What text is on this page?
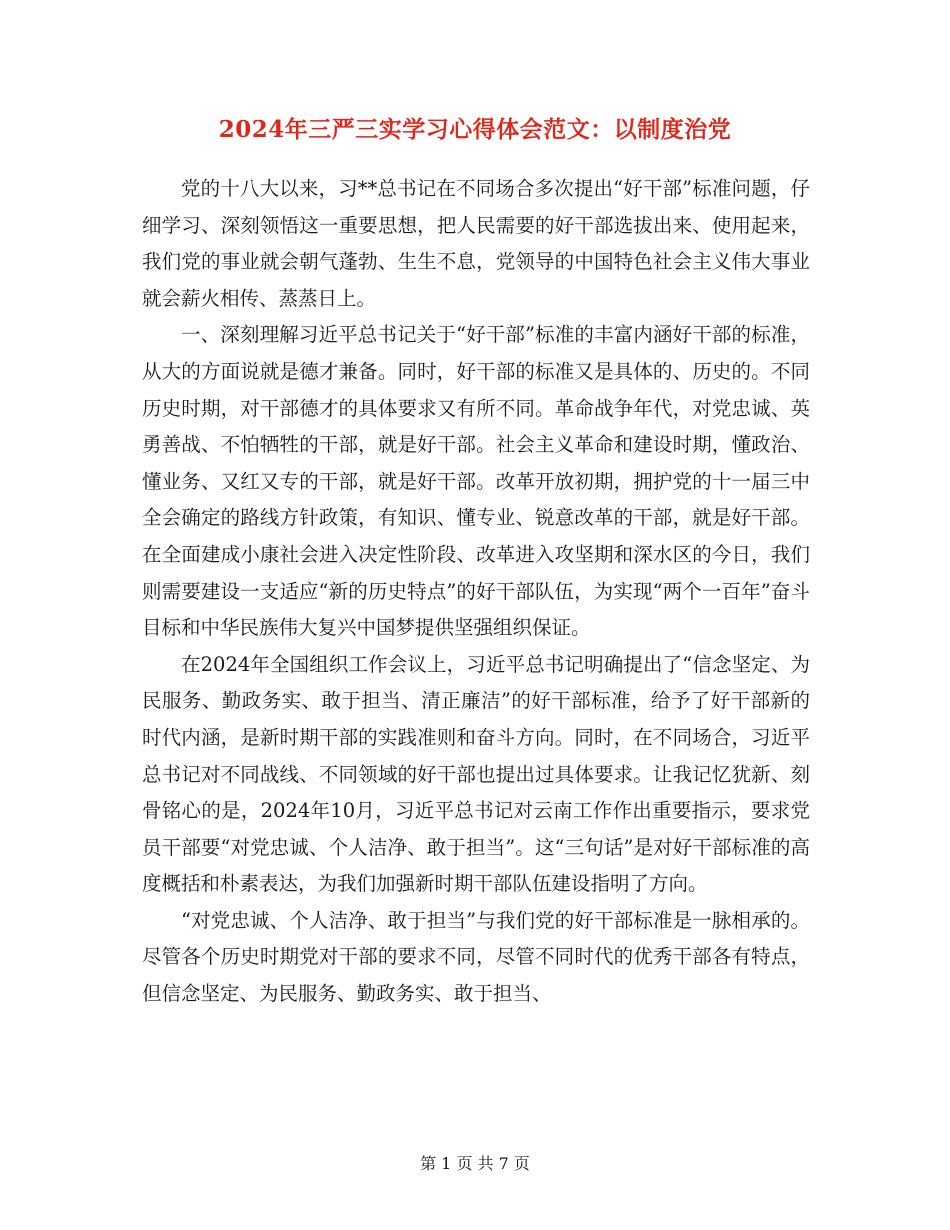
2024年三严三实学习心得体会范文：以制度治党

党的十八大以来，习**总书记在不同场合多次提出“好干部”标准问题，仔细学习、深刻领悟这一重要思想，把人民需要的好干部选拔出来、使用起来，我们党的事业就会朝气蓬勃、生生不息，党领导的中国特色社会主义伟大事业就会薪火相传、蒸蒸日上。

一、深刻理解习近平总书记关于“好干部”标准的丰富内涵好干部的标准，从大的方面说就是德才兼备。同时，好干部的标准又是具体的、历史的。不同历史时期，对干部德才的具体要求又有所不同。革命战争年代，对党忠诚、英勇善战、不怕牺牲的干部，就是好干部。社会主义革命和建设时期，懂政治、懂业务、又红又专的干部，就是好干部。改革开放初期，拥护党的十一届三中全会确定的路线方针政策，有知识、懂专业、锐意改革的干部，就是好干部。在全面建成小康社会进入决定性阶段、改革进入攻坚期和深水区的今日，我们则需要建设一支适应“新的历史特点”的好干部队伍，为实现“两个一百年”奋斗目标和中华民族伟大复兴中国梦提供坚强组织保证。

在2024年全国组织工作会议上，习近平总书记明确提出了“信念坚定、为民服务、勤政务实、敢于担当、清正廉洁”的好干部标准，给予了好干部新的时代内涵，是新时期干部的实践准则和奋斗方向。同时，在不同场合，习近平总书记对不同战线、不同领域的好干部也提出过具体要求。让我记忆犹新、刻骨铭心的是，2024年10月，习近平总书记对云南工作作出重要指示，要求党员干部要“对党忠诚、个人洁净、敢于担当”。这“三句话”是对好干部标准的高度概括和朴素表达，为我们加强新时期干部队伍建设指明了方向。

“对党忠诚、个人洁净、敢于担当”与我们党的好干部标准是一脉相承的。尽管各个历史时期党对干部的要求不同，尽管不同时代的优秀干部各有特点，但信念坚定、为民服务、勤政务实、敢于担当、

第 1 页 共 7 页
